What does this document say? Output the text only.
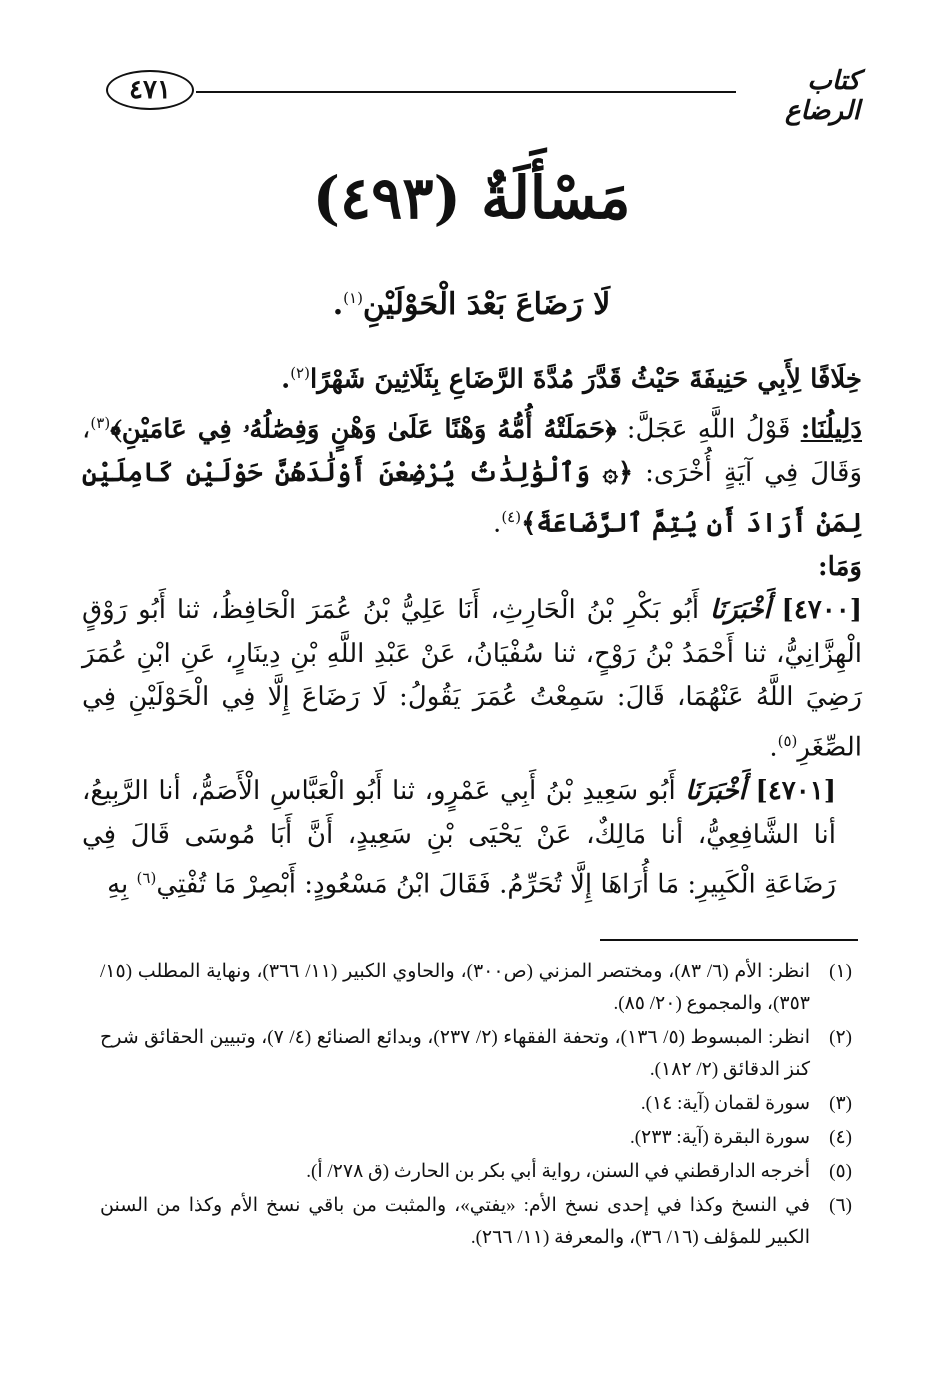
٤٧١	كتاب الرضاع
مَسْأَلَةٌ (٤٩٣)
لَا رَضَاعَ بَعْدَ الْحَوْلَيْنِ$^{(١)}$.

خِلَافًا لِأَبِي حَنِيفَةَ حَيْثُ قَدَّرَ مُدَّةَ الرَّضَاعِ بِثَلَاثِينَ شَهْرًا$^{(٢)}$.

دَلِيلُنَا: قَوْلُ اللَّهِ عَجَلَّ: ﴿حَمَلَتْهُ أُمُّهُ وَهْنًا عَلَىٰ وَهْنٍ وَفِصَٰلُهُۥ فِي عَامَيْنِ﴾$^{(٣)}$، وَقَالَ فِي آيَةٍ أُخْرَى: ﴿۞ وَٱلْوَٰلِدَٰتُ يُرْضِعْنَ أَوْلَٰدَهُنَّ حَوْلَيْنِ كَامِلَيْنِ لِمَنْ أَرَادَ أَن يُتِمَّ ٱلرَّضَاعَةَ﴾$^{(٤)}$.

وَمَا:

[٤٧٠٠] أَخْبَرَنَا أَبُو بَكْرِ بْنُ الْحَارِثِ، أَنَا عَلِيُّ بْنُ عُمَرَ الْحَافِظُ، ثنا أَبُو رَوْقٍ الْهِزَّانِيُّ، ثنا أَحْمَدُ بْنُ رَوْحٍ، ثنا سُفْيَانُ، عَنْ عَبْدِ اللَّهِ بْنِ دِينَارٍ، عَنِ ابْنِ عُمَرَ رَضِيَ اللَّهُ عَنْهُمَا، قَالَ: سَمِعْتُ عُمَرَ يَقُولُ: لَا رَضَاعَ إِلَّا فِي الْحَوْلَيْنِ فِي الصِّغَرِ$^{(٥)}$.

[٤٧٠١] أَخْبَرَنَا أَبُو سَعِيدِ بْنُ أَبِي عَمْرٍو، ثنا أَبُو الْعَبَّاسِ الْأَصَمُّ، أنا الرَّبِيعُ، أنا الشَّافِعِيُّ، أنا مَالِكٌ، عَنْ يَحْيَى بْنِ سَعِيدٍ، أَنَّ أَبَا مُوسَى قَالَ فِي رَضَاعَةِ الْكَبِيرِ: مَا أُرَاهَا إِلَّا تُحَرِّمُ. فَقَالَ ابْنُ مَسْعُودٍ: أَبْصِرْ مَا تُفْتِي$^{(٦)}$ بِهِ

(١)
انظر: الأم (٦/ ٨٣)، ومختصر المزني (ص٣٠٠)، والحاوي الكبير (١١/ ٣٦٦)، ونهاية المطلب (١٥/ ٣٥٣)، والمجموع (٢٠/ ٨٥).
(٢)
انظر: المبسوط (٥/ ١٣٦)، وتحفة الفقهاء (٢/ ٢٣٧)، وبدائع الصنائع (٤/ ٧)، وتبيين الحقائق شرح كنز الدقائق (٢/ ١٨٢).
(٣)
سورة لقمان (آية: ١٤).
(٤)
سورة البقرة (آية: ٢٣٣).
(٥)
أخرجه الدارقطني في السنن، رواية أبي بكر بن الحارث (ق ٢٧٨/ أ).
(٦)
في النسخ وكذا في إحدى نسخ الأم: «يفتي»، والمثبت من باقي نسخ الأم وكذا من السنن الكبير للمؤلف (١٦/ ٣٦)، والمعرفة (١١/ ٢٦٦).
